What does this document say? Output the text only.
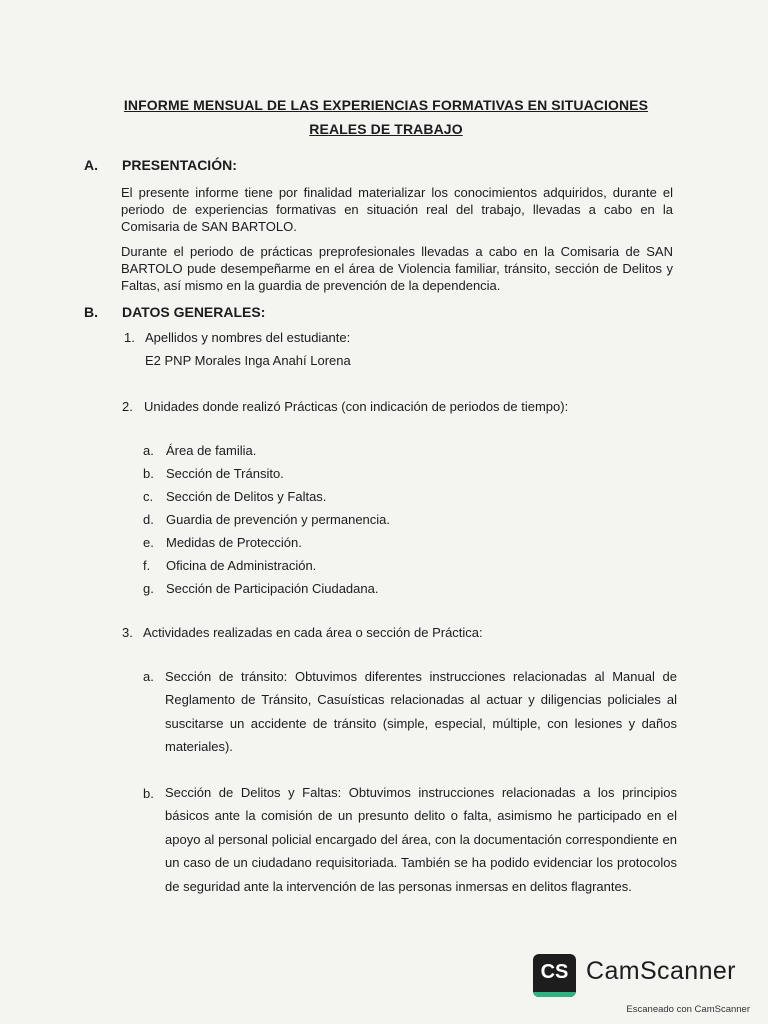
INFORME MENSUAL DE LAS EXPERIENCIAS FORMATIVAS EN SITUACIONES
REALES DE TRABAJO
A. PRESENTACIÓN:
El presente informe tiene por finalidad materializar los conocimientos adquiridos, durante el periodo de experiencias formativas en situación real del trabajo, llevadas a cabo en la Comisaria de SAN BARTOLO.
Durante el periodo de prácticas preprofesionales llevadas a cabo en la Comisaria de SAN BARTOLO pude desempeñarme en el área de Violencia familiar, tránsito, sección de Delitos y Faltas, así mismo en la guardia de prevención de la dependencia.
B. DATOS GENERALES:
1. Apellidos y nombres del estudiante:
E2 PNP Morales Inga Anahí Lorena
2. Unidades donde realizó Prácticas (con indicación de periodos de tiempo):
a. Área de familia.
b. Sección de Tránsito.
c. Sección de Delitos y Faltas.
d. Guardia de prevención y permanencia.
e. Medidas de Protección.
f.	Oficina de Administración.
g. Sección de Participación Ciudadana.
3. Actividades realizadas en cada área o sección de Práctica:
a. Sección de tránsito: Obtuvimos diferentes instrucciones relacionadas al Manual de Reglamento de Tránsito, Casuísticas relacionadas al actuar y diligencias policiales al suscitarse un accidente de tránsito (simple, especial, múltiple, con lesiones y daños materiales).
b. Sección de Delitos y Faltas: Obtuvimos instrucciones relacionadas a los principios básicos ante la comisión de un presunto delito o falta, asimismo he participado en el apoyo al personal policial encargado del área, con la documentación correspondiente en un caso de un ciudadano requisitoriada. También se ha podido evidenciar los protocolos de seguridad ante la intervención de las personas inmersas en delitos flagrantes.
CS CamScanner
Escaneado con CamScanner
